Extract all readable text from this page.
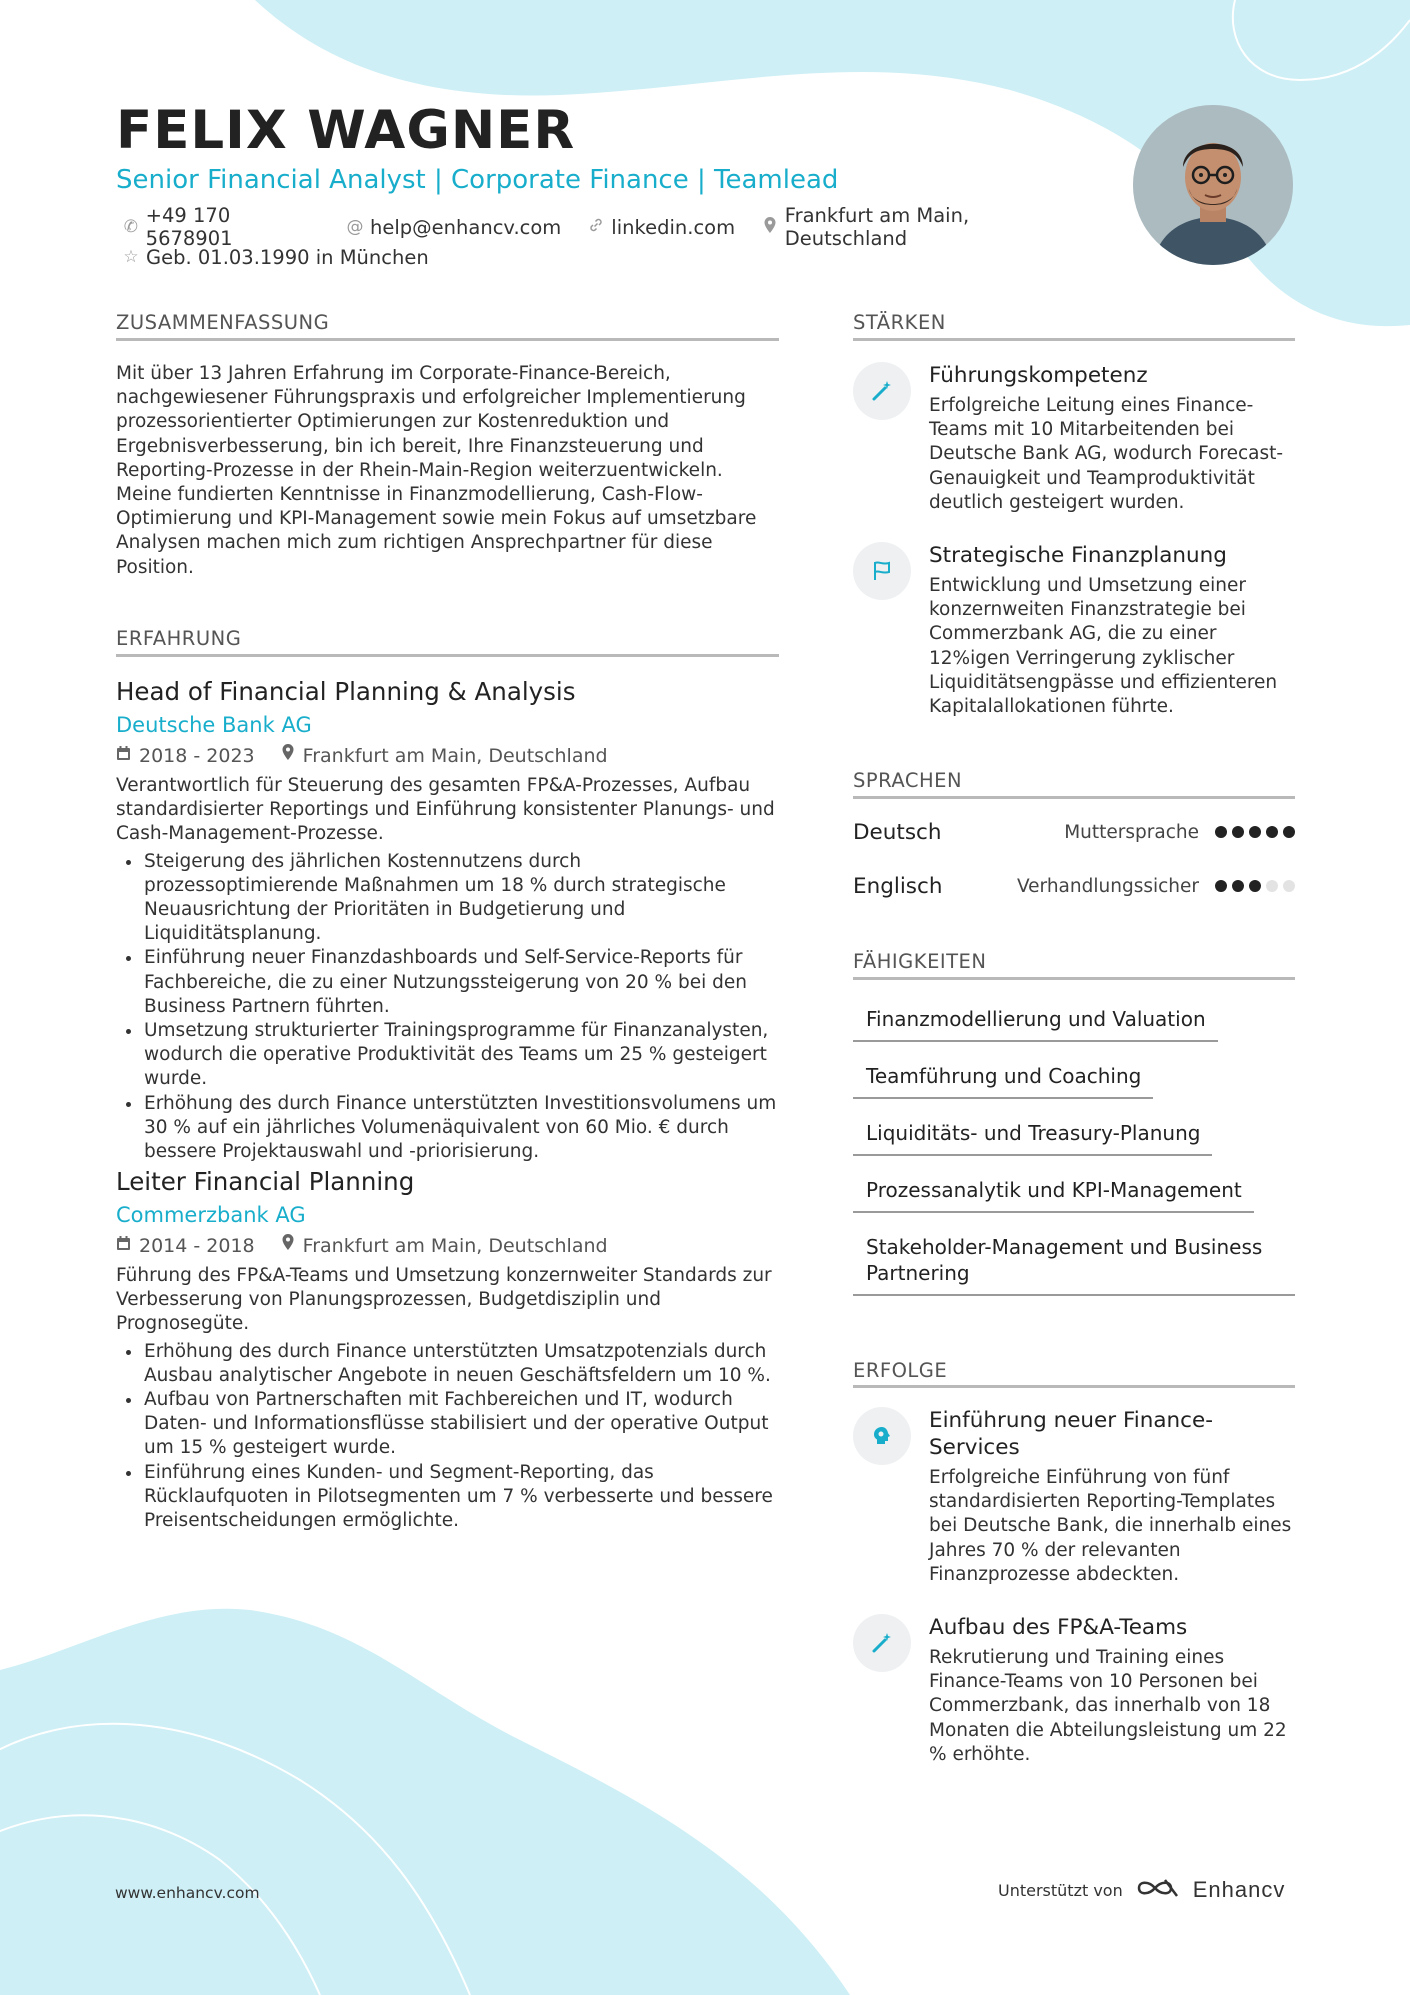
FELIX WAGNER
Senior Financial Analyst | Corporate Finance | Teamlead
✆ +49 170 5678901	@ help@enhancv.com	linkedin.com	Frankfurt am Main, Deutschland
☆ Geb. 01.03.1990 in München
ZUSAMMENFASSUNG
Mit über 13 Jahren Erfahrung im Corporate-Finance-Bereich, nachgewiesener Führungspraxis und erfolgreicher Implementierung prozessorientierter Optimierungen zur Kostenreduktion und Ergebnisverbesserung, bin ich bereit, Ihre Finanzsteuerung und Reporting-Prozesse in der Rhein-Main-Region weiterzuentwickeln. Meine fundierten Kenntnisse in Finanzmodellierung, Cash-Flow-Optimierung und KPI-Management sowie mein Fokus auf umsetzbare Analysen machen mich zum richtigen Ansprechpartner für diese Position.
ERFAHRUNG
Head of Financial Planning & Analysis
Deutsche Bank AG
2018 - 2023	Frankfurt am Main, Deutschland
Verantwortlich für Steuerung des gesamten FP&A-Prozesses, Aufbau standardisierter Reportings und Einführung konsistenter Planungs- und Cash-Management-Prozesse.
• Steigerung des jährlichen Kostennutzens durch prozessoptimierende Maßnahmen um 18 % durch strategische Neuausrichtung der Prioritäten in Budgetierung und Liquiditätsplanung.
• Einführung neuer Finanzdashboards und Self-Service-Reports für Fachbereiche, die zu einer Nutzungssteigerung von 20 % bei den Business Partnern führten.
• Umsetzung strukturierter Trainingsprogramme für Finanzanalysten, wodurch die operative Produktivität des Teams um 25 % gesteigert wurde.
• Erhöhung des durch Finance unterstützten Investitionsvolumens um 30 % auf ein jährliches Volumenäquivalent von 60 Mio. € durch bessere Projektauswahl und -priorisierung.
Leiter Financial Planning
Commerzbank AG
2014 - 2018	Frankfurt am Main, Deutschland
Führung des FP&A-Teams und Umsetzung konzernweiter Standards zur Verbesserung von Planungsprozessen, Budgetdisziplin und Prognosegüte.
• Erhöhung des durch Finance unterstützten Umsatzpotenzials durch Ausbau analytischer Angebote in neuen Geschäftsfeldern um 10 %.
• Aufbau von Partnerschaften mit Fachbereichen und IT, wodurch Daten- und Informationsflüsse stabilisiert und der operative Output um 15 % gesteigert wurde.
• Einführung eines Kunden- und Segment-Reporting, das Rücklaufquoten in Pilotsegmenten um 7 % verbesserte und bessere Preisentscheidungen ermöglichte.
STÄRKEN
Führungskompetenz
Erfolgreiche Leitung eines Finance-Teams mit 10 Mitarbeitenden bei Deutsche Bank AG, wodurch Forecast-Genauigkeit und Teamproduktivität deutlich gesteigert wurden.
Strategische Finanzplanung
Entwicklung und Umsetzung einer konzernweiten Finanzstrategie bei Commerzbank AG, die zu einer 12%igen Verringerung zyklischer Liquiditätsengpässe und effizienteren Kapitalallokationen führte.
SPRACHEN
Deutsch	Muttersprache
Englisch	Verhandlungssicher
FÄHIGKEITEN
Finanzmodellierung und Valuation
Teamführung und Coaching
Liquiditäts- und Treasury-Planung
Prozessanalytik und KPI-Management
Stakeholder-Management und Business Partnering
ERFOLGE
Einführung neuer Finance-Services
Erfolgreiche Einführung von fünf standardisierten Reporting-Templates bei Deutsche Bank, die innerhalb eines Jahres 70 % der relevanten Finanzprozesse abdeckten.
Aufbau des FP&A-Teams
Rekrutierung und Training eines Finance-Teams von 10 Personen bei Commerzbank, das innerhalb von 18 Monaten die Abteilungsleistung um 22 % erhöhte.
www.enhancv.com	Unterstützt von	Enhancv
